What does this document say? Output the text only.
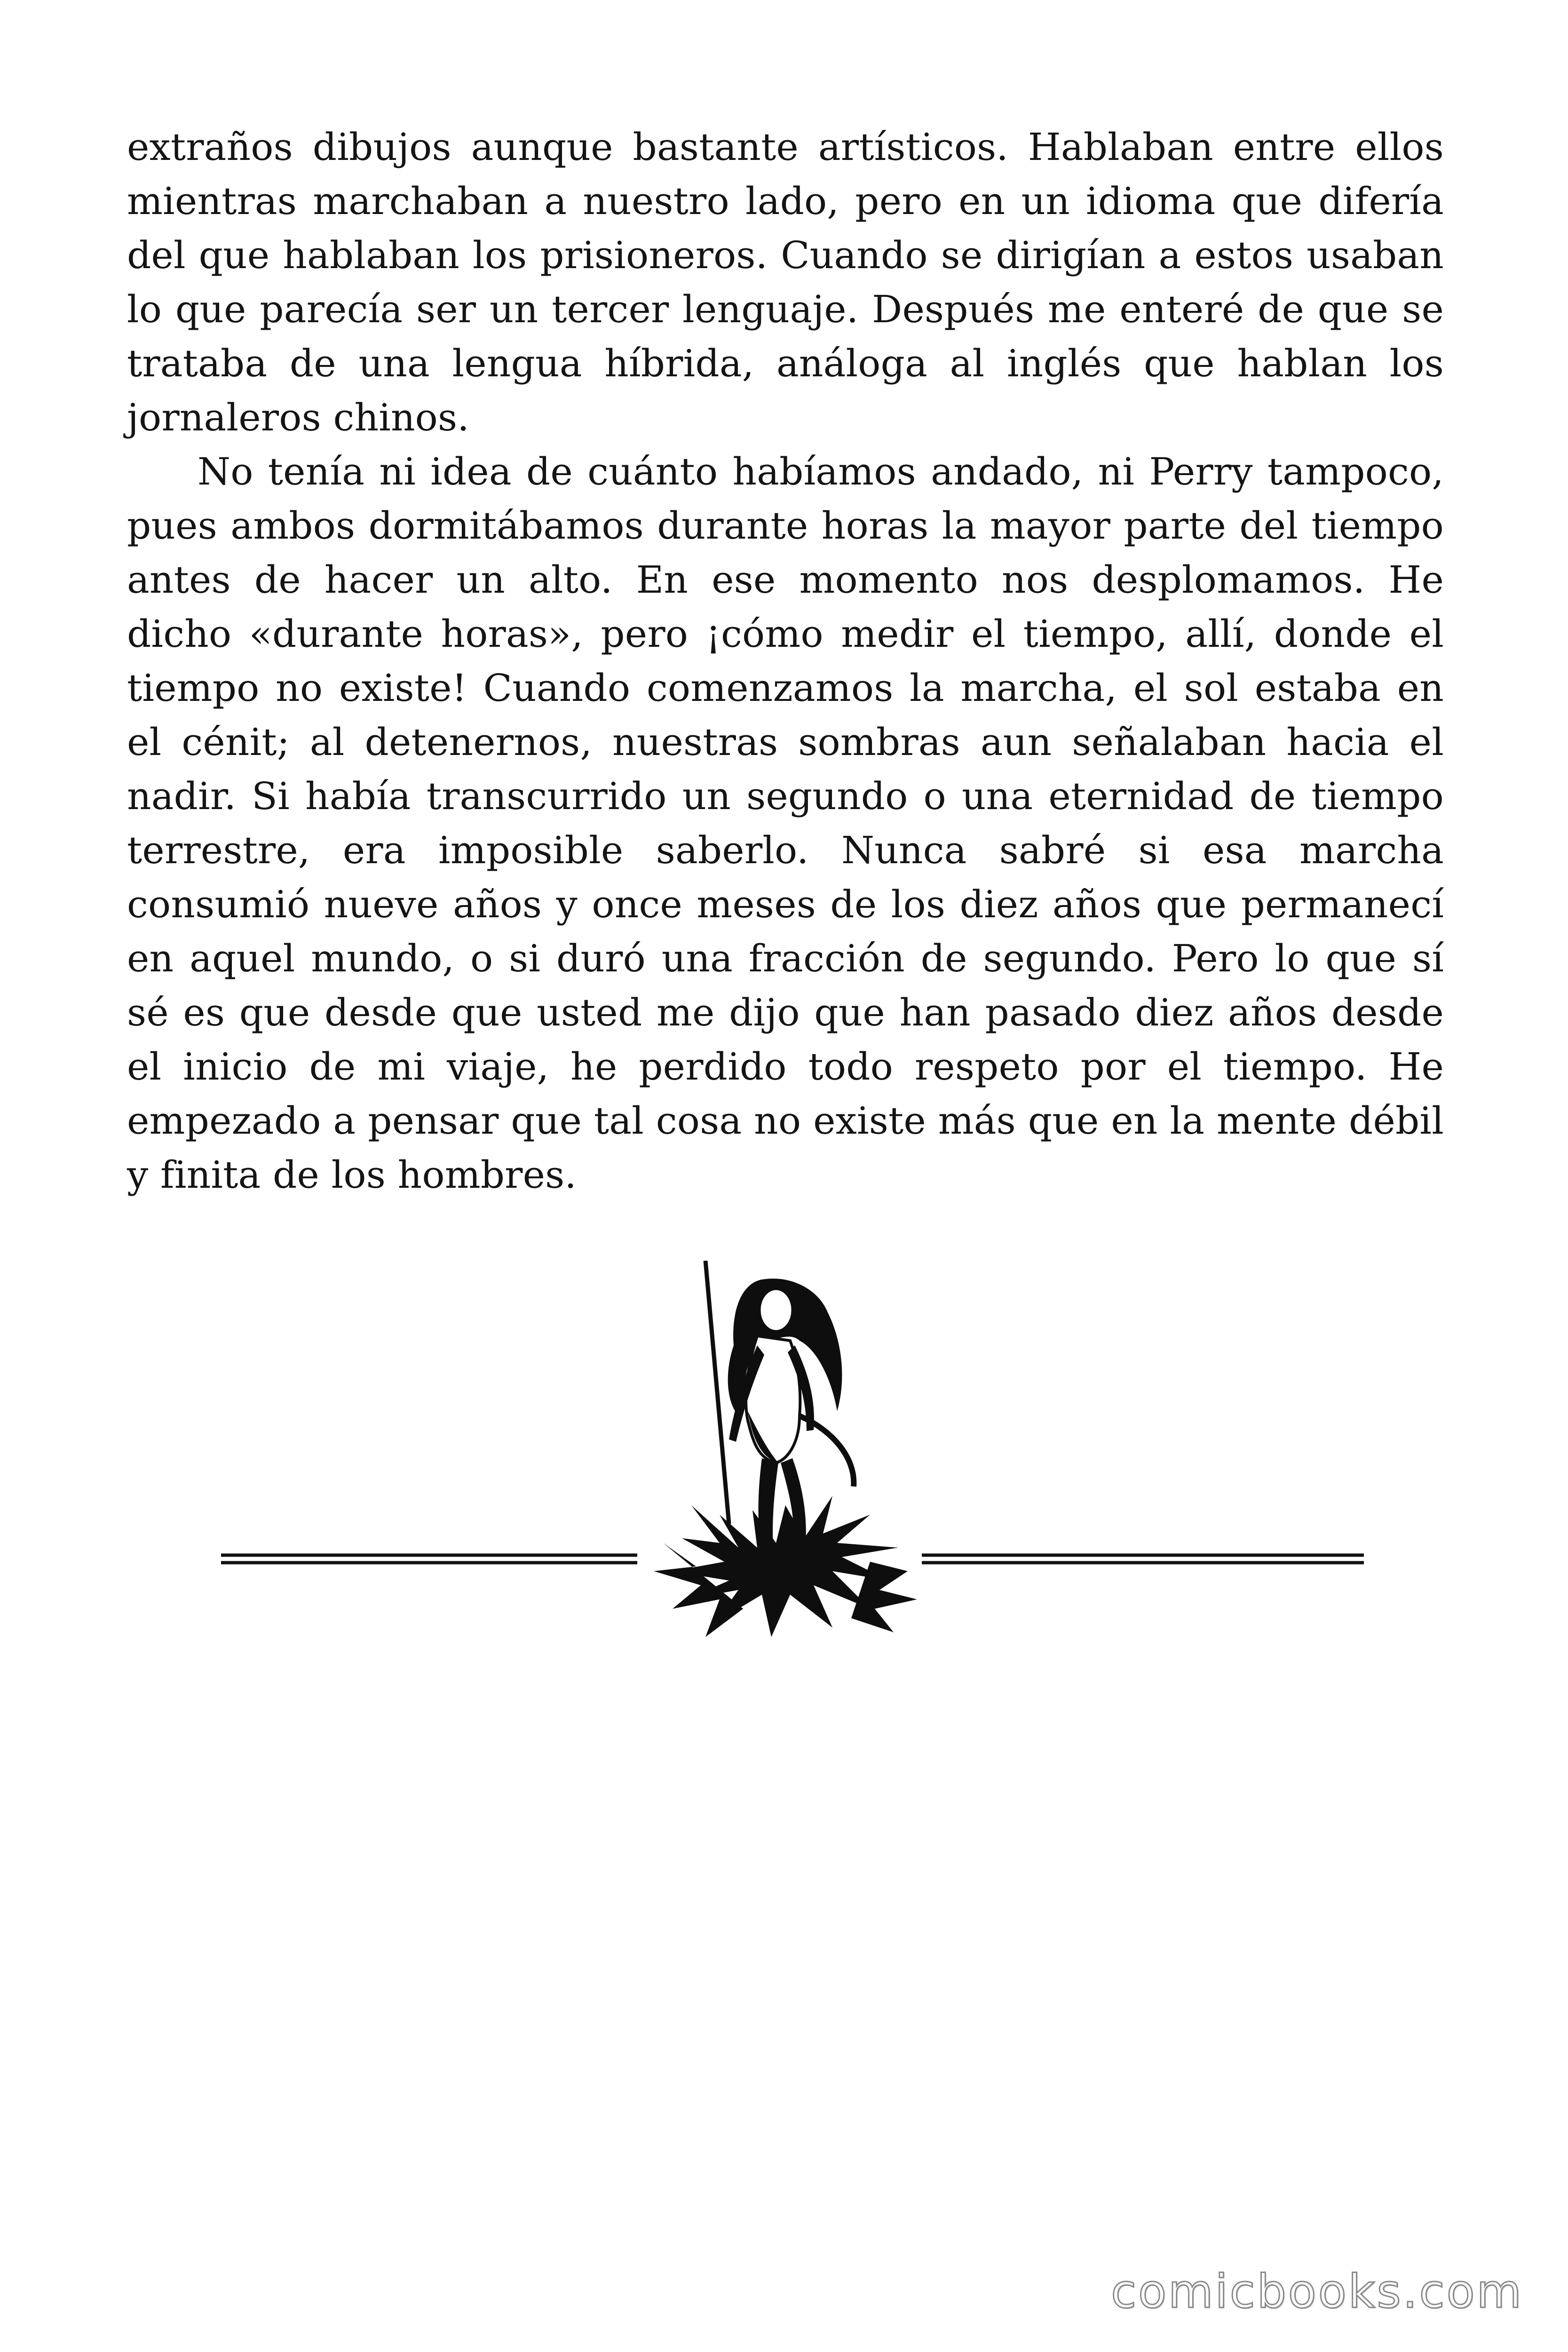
extraños dibujos aunque bastante artísticos. Hablaban entre ellos mientras marchaban a nuestro lado, pero en un idioma que difería del que hablaban los prisioneros. Cuando se dirigían a estos usaban lo que parecía ser un tercer lenguaje. Después me enteré de que se trataba de una lengua híbrida, análoga al inglés que hablan los jornaleros chinos.

No tenía ni idea de cuánto habíamos andado, ni Perry tampoco, pues ambos dormitábamos durante horas la mayor parte del tiempo antes de hacer un alto. En ese momento nos desplomamos. He dicho «durante horas», pero ¡cómo medir el tiempo, allí, donde el tiempo no existe! Cuando comenzamos la marcha, el sol estaba en el cénit; al detenernos, nuestras sombras aun señalaban hacia el nadir. Si había transcurrido un segundo o una eternidad de tiempo terrestre, era imposible saberlo. Nunca sabré si esa marcha consumió nueve años y once meses de los diez años que permanecí en aquel mundo, o si duró una fracción de segundo. Pero lo que sí sé es que desde que usted me dijo que han pasado diez años desde el inicio de mi viaje, he perdido todo respeto por el tiempo. He empezado a pensar que tal cosa no existe más que en la mente débil y finita de los hombres.

comicbooks.com
